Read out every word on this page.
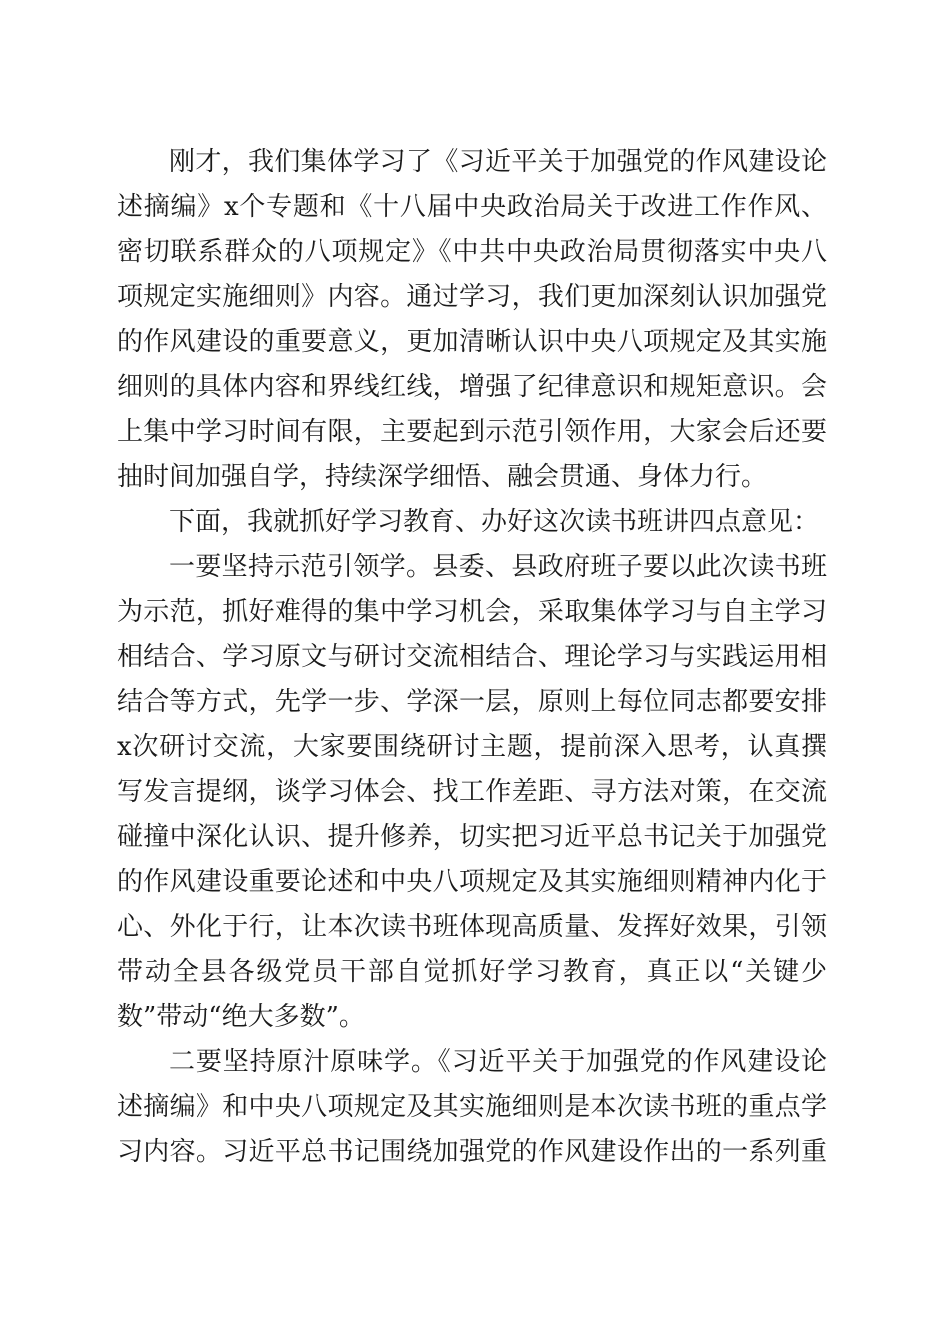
刚才，我们集体学习了《习近平关于加强党的作风建设论

述摘编》x个专题和《十八届中央政治局关于改进工作作风、

密切联系群众的八项规定》《中共中央政治局贯彻落实中央八

项规定实施细则》内容。通过学习，我们更加深刻认识加强党

的作风建设的重要意义，更加清晰认识中央八项规定及其实施

细则的具体内容和界线红线，增强了纪律意识和规矩意识。会

上集中学习时间有限，主要起到示范引领作用，大家会后还要

抽时间加强自学，持续深学细悟、融会贯通、身体力行。

下面，我就抓好学习教育、办好这次读书班讲四点意见：

一要坚持示范引领学。县委、县政府班子要以此次读书班

为示范，抓好难得的集中学习机会，采取集体学习与自主学习

相结合、学习原文与研讨交流相结合、理论学习与实践运用相

结合等方式，先学一步、学深一层，原则上每位同志都要安排

x次研讨交流，大家要围绕研讨主题，提前深入思考，认真撰

写发言提纲，谈学习体会、找工作差距、寻方法对策，在交流

碰撞中深化认识、提升修养，切实把习近平总书记关于加强党

的作风建设重要论述和中央八项规定及其实施细则精神内化于

心、外化于行，让本次读书班体现高质量、发挥好效果，引领

带动全县各级党员干部自觉抓好学习教育，真正以“关键少

数”带动“绝大多数”。

二要坚持原汁原味学。《习近平关于加强党的作风建设论

述摘编》和中央八项规定及其实施细则是本次读书班的重点学

习内容。习近平总书记围绕加强党的作风建设作出的一系列重
